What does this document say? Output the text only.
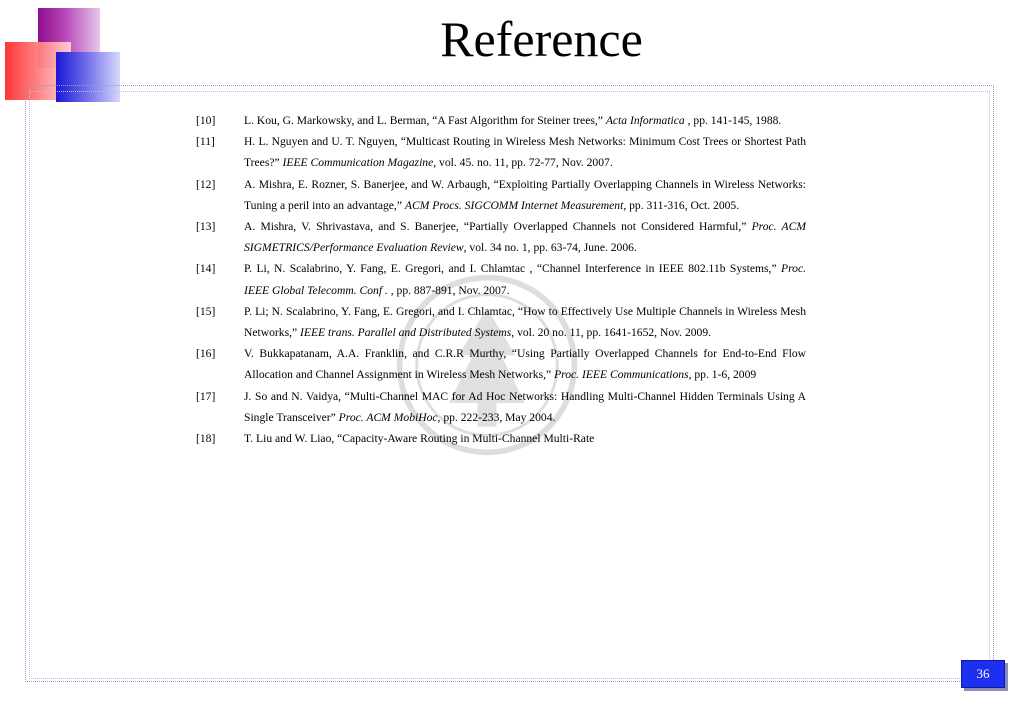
Reference
[10]	L. Kou, G. Markowsky, and L. Berman, “A Fast Algorithm for Steiner trees,” Acta Informatica , pp. 141-145, 1988.
[11]	H. L. Nguyen and U. T. Nguyen, “Multicast Routing in Wireless Mesh Networks: Minimum Cost Trees or Shortest Path Trees?” IEEE Communication Magazine, vol. 45. no. 11, pp. 72-77, Nov. 2007.
[12]	A. Mishra, E. Rozner, S. Banerjee, and W. Arbaugh, “Exploiting Partially Overlapping Channels in Wireless Networks: Tuning a peril into an advantage,” ACM Procs. SIGCOMM Internet Measurement, pp. 311-316, Oct. 2005.
[13]	A. Mishra, V. Shrivastava, and S. Banerjee, “Partially Overlapped Channels not Considered Harmful,” Proc. ACM SIGMETRICS/Performance Evaluation Review, vol. 34 no. 1, pp. 63-74, June. 2006.
[14]	P. Li, N. Scalabrino, Y. Fang, E. Gregori, and I. Chlamtac , “Channel Interference in IEEE 802.11b Systems,” Proc. IEEE Global Telecomm. Conf . , pp. 887-891, Nov. 2007.
[15]	P. Li; N. Scalabrino, Y. Fang, E. Gregori, and I. Chlamtac, “How to Effectively Use Multiple Channels in Wireless Mesh Networks,” IEEE trans. Parallel and Distributed Systems, vol. 20 no. 11, pp. 1641-1652, Nov. 2009.
[16]	V. Bukkapatanam, A.A. Franklin, and C.R.R Murthy, “Using Partially Overlapped Channels for End-to-End Flow Allocation and Channel Assignment in Wireless Mesh Networks,” Proc. IEEE Communications, pp. 1-6, 2009
[17]	J. So and N. Vaidya, “Multi-Channel MAC for Ad Hoc Networks: Handling Multi-Channel Hidden Terminals Using A Single Transceiver” Proc. ACM MobiHoc, pp. 222-233, May 2004.
[18]	T. Liu and W. Liao, “Capacity-Aware Routing in Multi-Channel Multi-Rate
36
